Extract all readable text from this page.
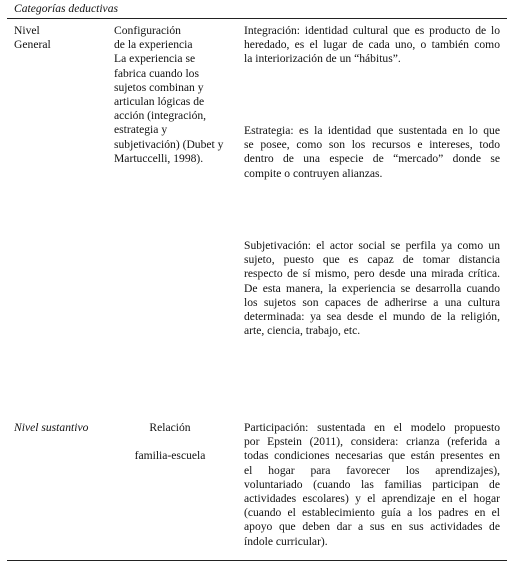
Categorías deductivas
Nivel
General
Configuración
de la experiencia
La experiencia se
fabrica cuando los
sujetos combinan y
articulan lógicas de
acción (integración,
estrategia y
subjetivación) (Dubet y
Martuccelli, 1998).
Integración: identidad cultural que es producto de lo
heredado, es el lugar de cada uno, o también como
la interiorización de un “hábitus”.
Estrategia: es la identidad que sustentada en lo que
se posee, como son los recursos e intereses, todo
dentro de una especie de “mercado” donde se
compite o contruyen alianzas.
Subjetivación: el actor social se perfila ya como un
sujeto, puesto que es capaz de tomar distancia
respecto de sí mismo, pero desde una mirada crítica.
De esta manera, la experiencia se desarrolla cuando
los sujetos son capaces de adherirse a una cultura
determinada: ya sea desde el mundo de la religión,
arte, ciencia, trabajo, etc.
Nivel sustantivo	Relación
familia-escuela
Participación: sustentada en el modelo propuesto
por Epstein (2011), considera: crianza (referida a
todas condiciones necesarias que están presentes en
el hogar para favorecer los aprendizajes),
voluntariado (cuando las familias participan de
actividades escolares) y el aprendizaje en el hogar
(cuando el establecimiento guía a los padres en el
apoyo que deben dar a sus en sus actividades de
índole curricular).
